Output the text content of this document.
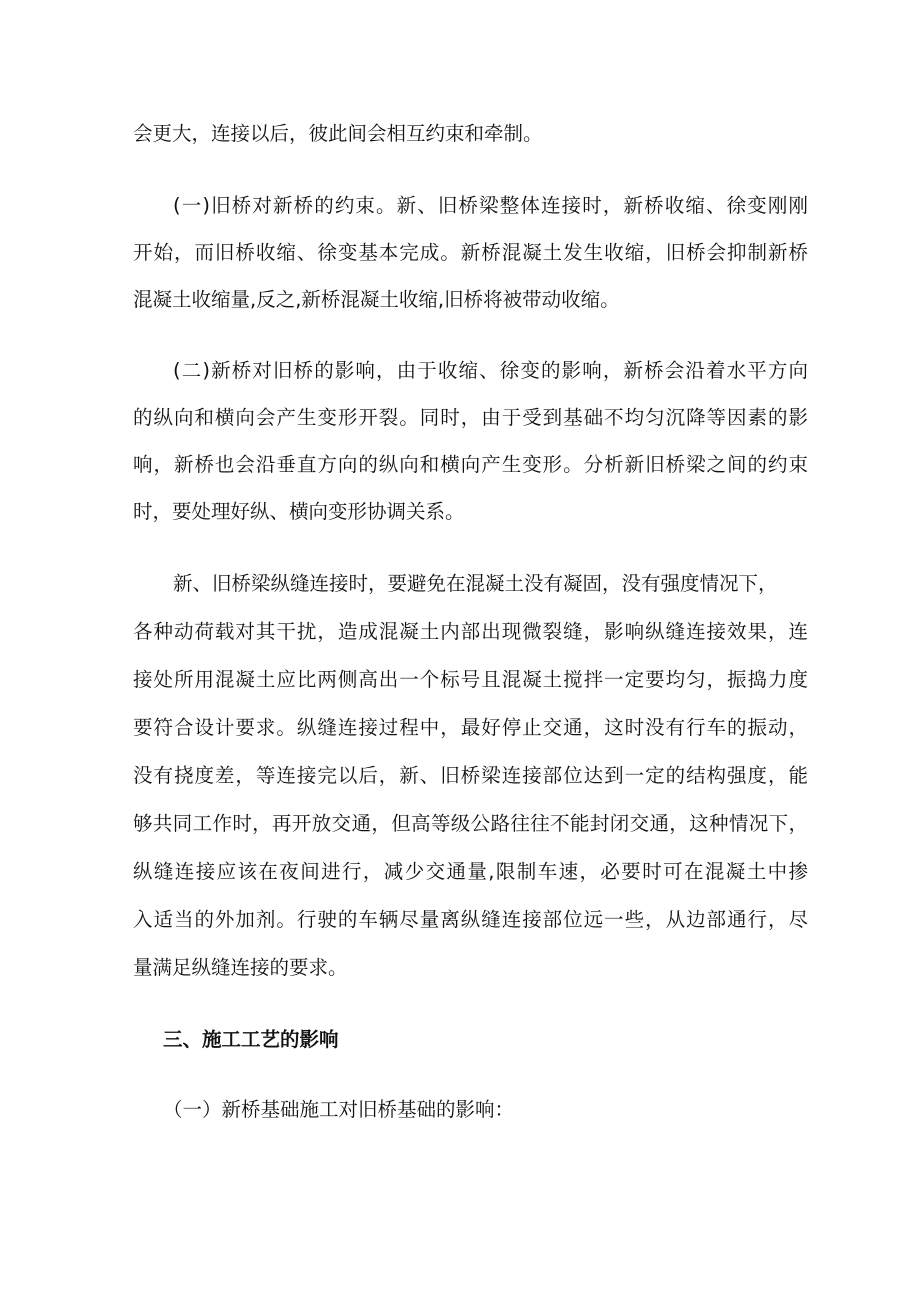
会更大，连接以后，彼此间会相互约束和牵制。
(一)旧桥对新桥的约束。新、旧桥梁整体连接时，新桥收缩、徐变刚刚
开始，而旧桥收缩、徐变基本完成。新桥混凝土发生收缩，旧桥会抑制新桥
混凝土收缩量,反之,新桥混凝土收缩,旧桥将被带动收缩。
(二)新桥对旧桥的影响，由于收缩、徐变的影响，新桥会沿着水平方向
的纵向和横向会产生变形开裂。同时，由于受到基础不均匀沉降等因素的影
响，新桥也会沿垂直方向的纵向和横向产生变形。分析新旧桥梁之间的约束
时，要处理好纵、横向变形协调关系。
新、旧桥梁纵缝连接时，要避免在混凝土没有凝固，没有强度情况下，
各种动荷载对其干扰，造成混凝土内部出现微裂缝，影响纵缝连接效果，连
接处所用混凝土应比两侧高出一个标号且混凝土搅拌一定要均匀，振捣力度
要符合设计要求。纵缝连接过程中，最好停止交通，这时没有行车的振动，
没有挠度差，等连接完以后，新、旧桥梁连接部位达到一定的结构强度，能
够共同工作时，再开放交通，但高等级公路往往不能封闭交通，这种情况下，
纵缝连接应该在夜间进行，减少交通量,限制车速，必要时可在混凝土中掺
入适当的外加剂。行驶的车辆尽量离纵缝连接部位远一些，从边部通行，尽
量满足纵缝连接的要求。
三、施工工艺的影响
（一）新桥基础施工对旧桥基础的影响：
